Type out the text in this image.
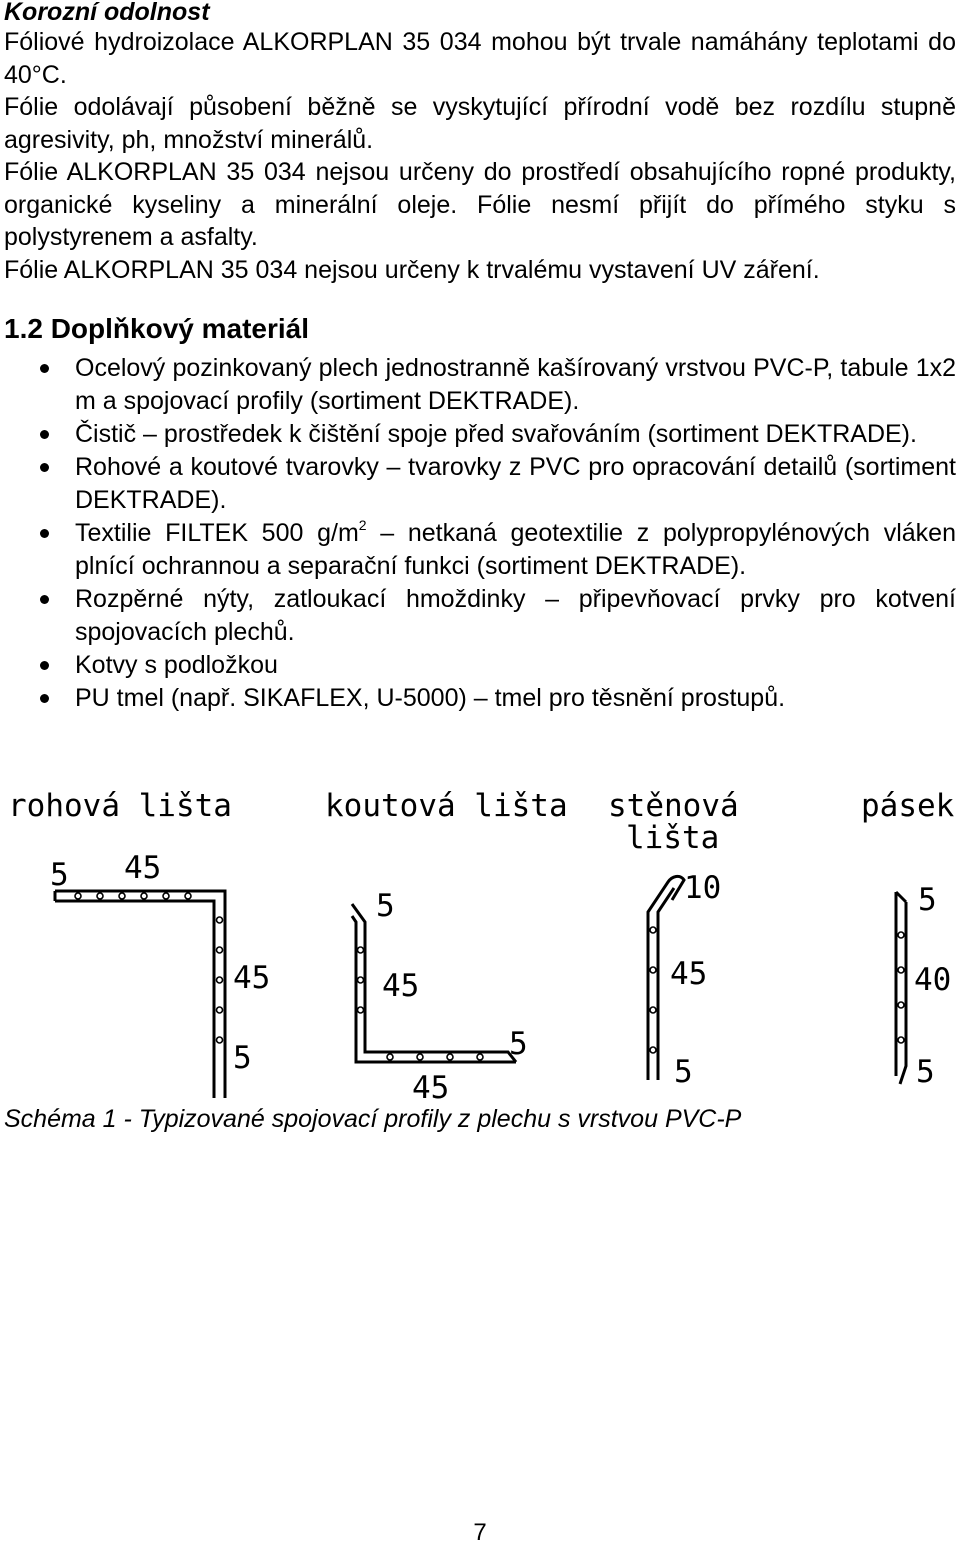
Korozní odolnost
Fóliové hydroizolace ALKORPLAN 35 034 mohou být trvale namáhány teplotami do 40°C.
Fólie odolávají působení běžně se vyskytující přírodní vodě bez rozdílu stupně agresivity, ph, množství minerálů.
Fólie ALKORPLAN 35 034 nejsou určeny do prostředí obsahujícího ropné produkty, organické kyseliny a minerální oleje. Fólie nesmí přijít do přímého styku s polystyrenem a asfalty.
Fólie ALKORPLAN 35 034 nejsou určeny k trvalému vystavení UV záření.
1.2 Doplňkový materiál
Ocelový pozinkovaný plech jednostranně kašírovaný vrstvou PVC-P, tabule 1x2 m a spojovací profily (sortiment DEKTRADE).
Čistič – prostředek k čištění spoje před svařováním (sortiment DEKTRADE).
Rohové a koutové tvarovky – tvarovky z PVC pro opracování detailů (sortiment DEKTRADE).
Textilie FILTEK 500 $g/m^2$ – netkaná geotextilie z polypropylénových vláken plnící ochrannou a separační funkci (sortiment DEKTRADE).
Rozpěrné nýty, zatloukací hmoždinky – připevňovací prvky pro kotvení spojovacích plechů.
Kotvy s podložkou
PU tmel (např. SIKAFLEX, U-5000) – tmel pro těsnění prostupů.
rohová lišta
5 45
45
5
koutová lišta
5
45
5
45
stěnová
lišta
10
45
5
pásek
5
40
5
Schéma 1 - Typizované spojovací profily z plechu s vrstvou PVC-P
7
